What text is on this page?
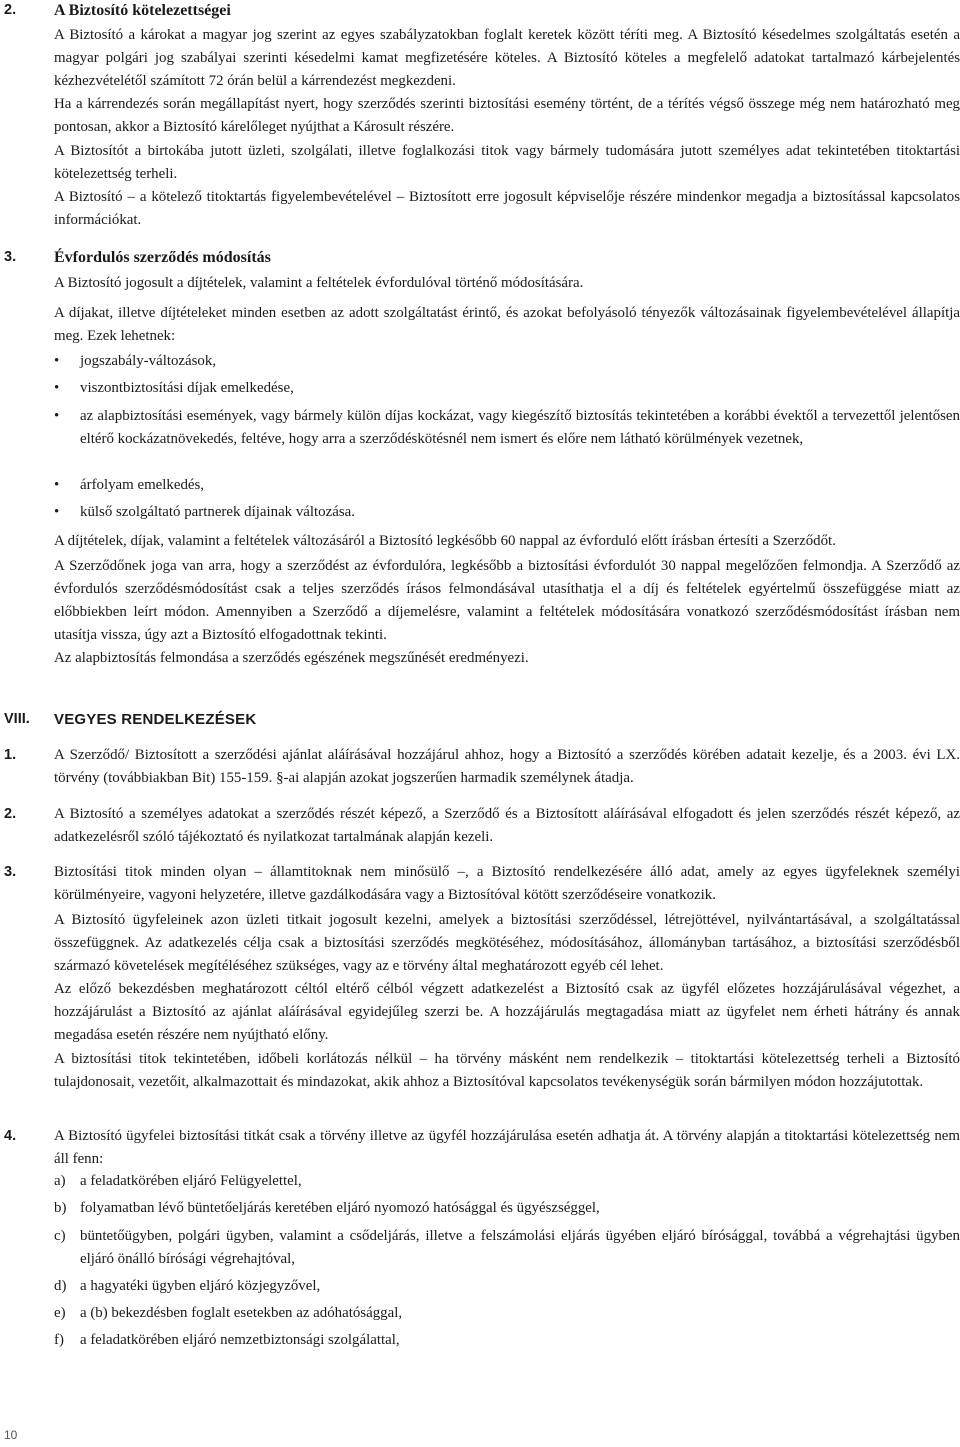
2. A Biztosító kötelezettségei

A Biztosító a károkat a magyar jog szerint az egyes szabályzatokban foglalt keretek között téríti meg. A Biztosító késedelmes szolgáltatás esetén a magyar polgári jog szabályai szerinti késedelmi kamat megfizetésére köteles. A Biztosító köteles a megfelelő adatokat tartalmazó kárbejelentés kézhezvételétől számított 72 órán belül a kárrendezést megkezdeni.

Ha a kárrendezés során megállapítást nyert, hogy szerződés szerinti biztosítási esemény történt, de a térítés végső összege még nem határozható meg pontosan, akkor a Biztosító kárelőleget nyújthat a Károsult részére.

A Biztosítót a birtokába jutott üzleti, szolgálati, illetve foglalkozási titok vagy bármely tudomására jutott személyes adat tekintetében titoktartási kötelezettség terheli.

A Biztosító – a kötelező titoktartás figyelembevételével – Biztosított erre jogosult képviselője részére mindenkor megadja a biztosítással kapcsolatos információkat.

3. Évfordulós szerződés módosítás

A Biztosító jogosult a díjtételek, valamint a feltételek évfordulóval történő módosítására.

A díjakat, illetve díjtételeket minden esetben az adott szolgáltatást érintő, és azokat befolyásoló tényezők változásainak figyelembevételével állapítja meg. Ezek lehetnek:

• jogszabály-változások,
• viszontbiztosítási díjak emelkedése,
• az alapbiztosítási események, vagy bármely külön díjas kockázat, vagy kiegészítő biztosítás tekintetében a korábbi évektől a tervezettől jelentősen eltérő kockázatnövekedés, feltéve, hogy arra a szerződéskötésnél nem ismert és előre nem látható körülmények vezetnek,
• árfolyam emelkedés,
• külső szolgáltató partnerek díjainak változása.

A díjtételek, díjak, valamint a feltételek változásáról a Biztosító legkésőbb 60 nappal az évforduló előtt írásban értesíti a Szerződőt.

A Szerződőnek joga van arra, hogy a szerződést az évfordulóra, legkésőbb a biztosítási évfordulót 30 nappal megelőzően felmondja. A Szerződő az évfordulós szerződésmódosítást csak a teljes szerződés írásos felmondásával utasíthatja el a díj és feltételek egyértelmű összefüggése miatt az előbbiekben leírt módon. Amennyiben a Szerződő a díjemelésre, valamint a feltételek módosítására vonatkozó szerződésmódosítást írásban nem utasítja vissza, úgy azt a Biztosító elfogadottnak tekinti.

Az alapbiztosítás felmondása a szerződés egészének megszűnését eredményezi.

VIII. VEGYES RENDELKEZÉSEK
1.	A Szerződő/ Biztosított a szerződési ajánlat aláírásával hozzájárul ahhoz, hogy a Biztosító a szerződés körében adatait kezelje, és a 2003. évi LX. törvény (továbbiakban Bit) 155-159. §-ai alapján azokat jogszerűen harmadik személynek átadja.

2.	A Biztosító a személyes adatokat a szerződés részét képező, a Szerződő és a Biztosított aláírásával elfogadott és jelen szerződés részét képező, az adatkezelésről szóló tájékoztató és nyilatkozat tartalmának alapján kezeli.

3.	Biztosítási titok minden olyan – államtitoknak nem minősülő –, a Biztosító rendelkezésére álló adat, amely az egyes ügyfeleknek személyi körülményeire, vagyoni helyzetére, illetve gazdálkodására vagy a Biztosítóval kötött szerződéseire vonatkozik.

A Biztosító ügyfeleinek azon üzleti titkait jogosult kezelni, amelyek a biztosítási szerződéssel, létrejöttével, nyilvántartásával, a szolgáltatással összefüggnek. Az adatkezelés célja csak a biztosítási szerződés megkötéséhez, módosításához, állományban tartásához, a biztosítási szerződésből származó követelések megítéléséhez szükséges, vagy az e törvény által meghatározott egyéb cél lehet.

Az előző bekezdésben meghatározott céltól eltérő célból végzett adatkezelést a Biztosító csak az ügyfél előzetes hozzájárulásával végezhet, a hozzájárulást a Biztosító az ajánlat aláírásával egyidejűleg szerzi be. A hozzájárulás megtagadása miatt az ügyfelet nem érheti hátrány és annak megadása esetén részére nem nyújtható előny.

A biztosítási titok tekintetében, időbeli korlátozás nélkül – ha törvény másként nem rendelkezik – titoktartási kötelezettség terheli a Biztosító tulajdonosait, vezetőit, alkalmazottait és mindazokat, akik ahhoz a Biztosítóval kapcsolatos tevékenységük során bármilyen módon hozzájutottak.

4.	A Biztosító ügyfelei biztosítási titkát csak a törvény illetve az ügyfél hozzájárulása esetén adhatja át. A törvény alapján a titoktartási kötelezettség nem áll fenn:

a) a feladatkörében eljáró Felügyelettel,
b) folyamatban lévő büntetőeljárás keretében eljáró nyomozó hatósággal és ügyészséggel,
c) büntetőügyben, polgári ügyben, valamint a csődeljárás, illetve a felszámolási eljárás ügyében eljáró bírósággal, továbbá a végrehajtási ügyben eljáró önálló bírósági végrehajtóval,
d) a hagyatéki ügyben eljáró közjegyzővel,
e) a (b) bekezdésben foglalt esetekben az adóhatósággal,
f) a feladatkörében eljáró nemzetbiztonsági szolgálattal,
10
